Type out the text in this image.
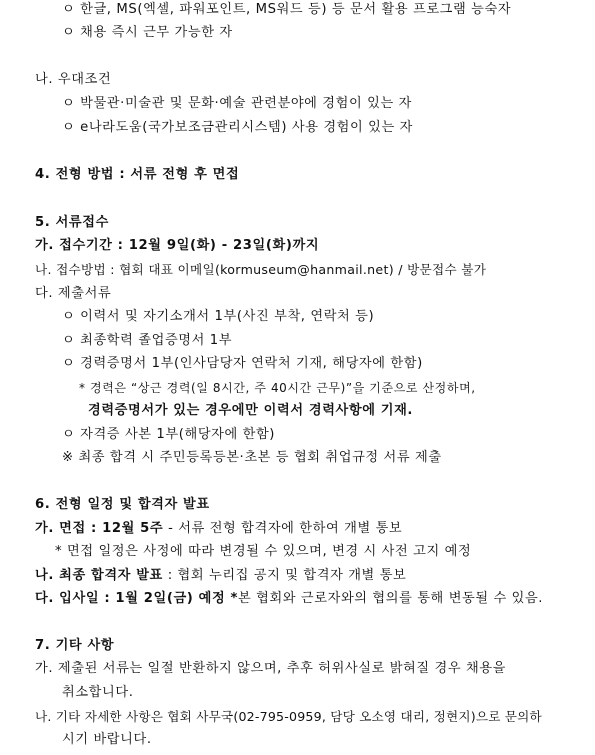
ㅇ 한글, MS(엑셀, 파워포인트, MS워드 등) 등 문서 활용 프로그램 능숙자
ㅇ 채용 즉시 근무 가능한 자
나. 우대조건
ㅇ 박물관·미술관 및 문화·예술 관련분야에 경험이 있는 자
ㅇ e나라도움(국가보조금관리시스템) 사용 경험이 있는 자
4. 전형 방법 : 서류 전형 후 면접
5. 서류접수
가. 접수기간 : 12월 9일(화) - 23일(화)까지
나. 접수방법 : 협회 대표 이메일(kormuseum@hanmail.net) / 방문접수 불가
다. 제출서류
ㅇ 이력서 및 자기소개서 1부(사진 부착, 연락처 등)
ㅇ 최종학력 졸업증명서 1부
ㅇ 경력증명서 1부(인사담당자 연락처 기재, 해당자에 한함)
* 경력은 “상근 경력(일 8시간, 주 40시간 근무)”을 기준으로 산정하며,
경력증명서가 있는 경우에만 이력서 경력사항에 기재.
ㅇ 자격증 사본 1부(해당자에 한함)
※ 최종 합격 시 주민등록등본·초본 등 협회 취업규정 서류 제출
6. 전형 일정 및 합격자 발표
가. 면접 : 12월 5주 - 서류 전형 합격자에 한하여 개별 통보
* 면접 일정은 사정에 따라 변경될 수 있으며, 변경 시 사전 고지 예정
나. 최종 합격자 발표 : 협회 누리집 공지 및 합격자 개별 통보
다. 입사일 : 1월 2일(금) 예정 *본 협회와 근로자와의 협의를 통해 변동될 수 있음.
7. 기타 사항
가. 제출된 서류는 일절 반환하지 않으며, 추후 허위사실로 밝혀질 경우 채용을
취소합니다.
나. 기타 자세한 사항은 협회 사무국(02-795-0959, 담당 오소영 대리, 정현지)으로 문의하
시기 바랍니다.
